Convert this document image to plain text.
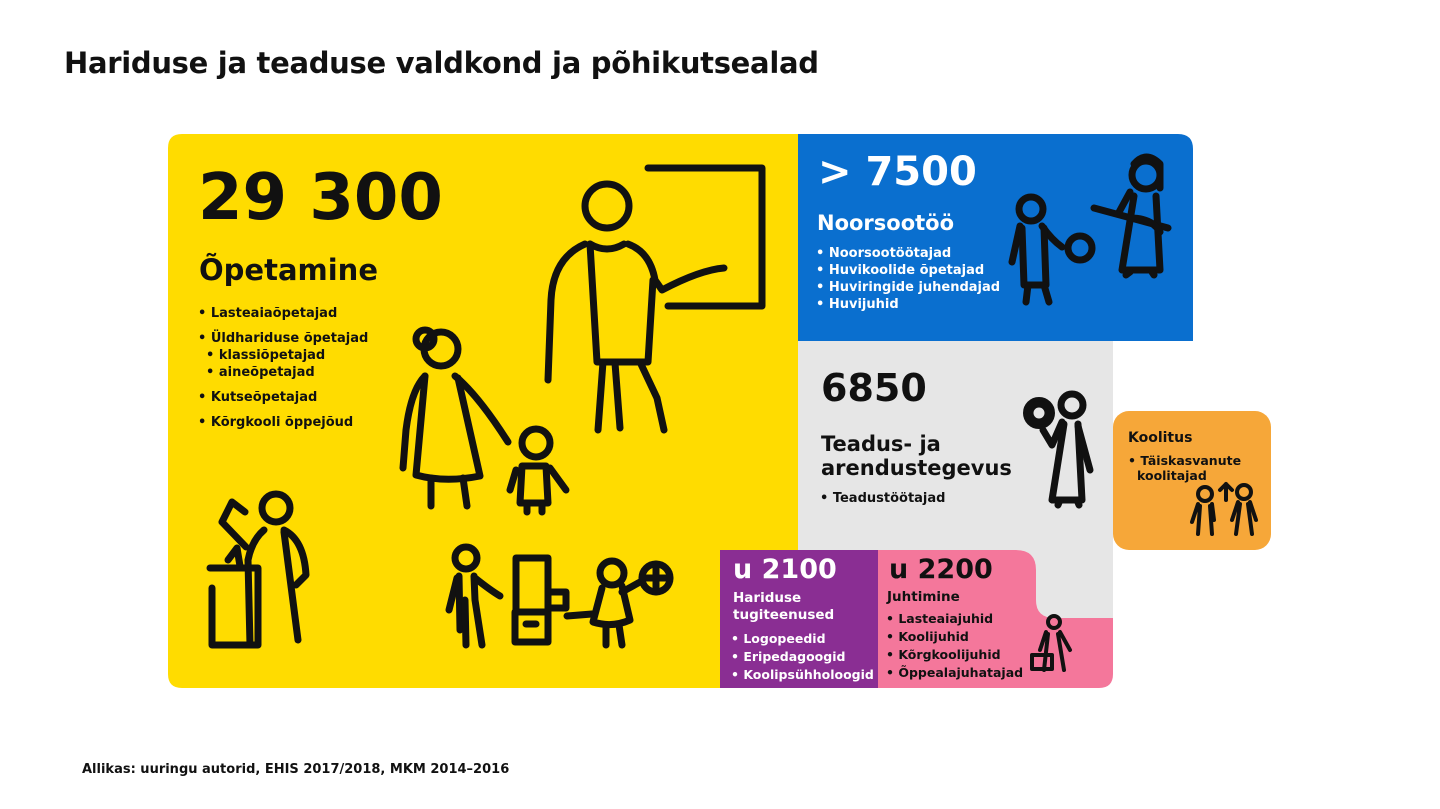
Hariduse ja teaduse valdkond ja põhikutsealad
29 300
Õpetamine
• Lasteaiaõpetajad
• Üldhariduse õpetajad
• klassiõpetajad
• aineõpetajad
• Kutseõpetajad
• Kõrgkooli õppejõud
> 7500
Noorsootöö
• Noorsootöötajad
• Huvikoolide õpetajad
• Huviringide juhendajad
• Huvijuhid
6850
Teadus- ja
arendustegevus
• Teadustöötajad
Koolitus
• Täiskasvanute
koolitajad
u 2100
Hariduse
tugiteenused
• Logopeedid
• Eripedagoogid
• Koolipsühholoogid
u 2200
Juhtimine
• Lasteaiajuhid
• Koolijuhid
• Kõrgkoolijuhid
• Õppealajuhatajad
Allikas: uuringu autorid, EHIS 2017/2018, MKM 2014–2016
